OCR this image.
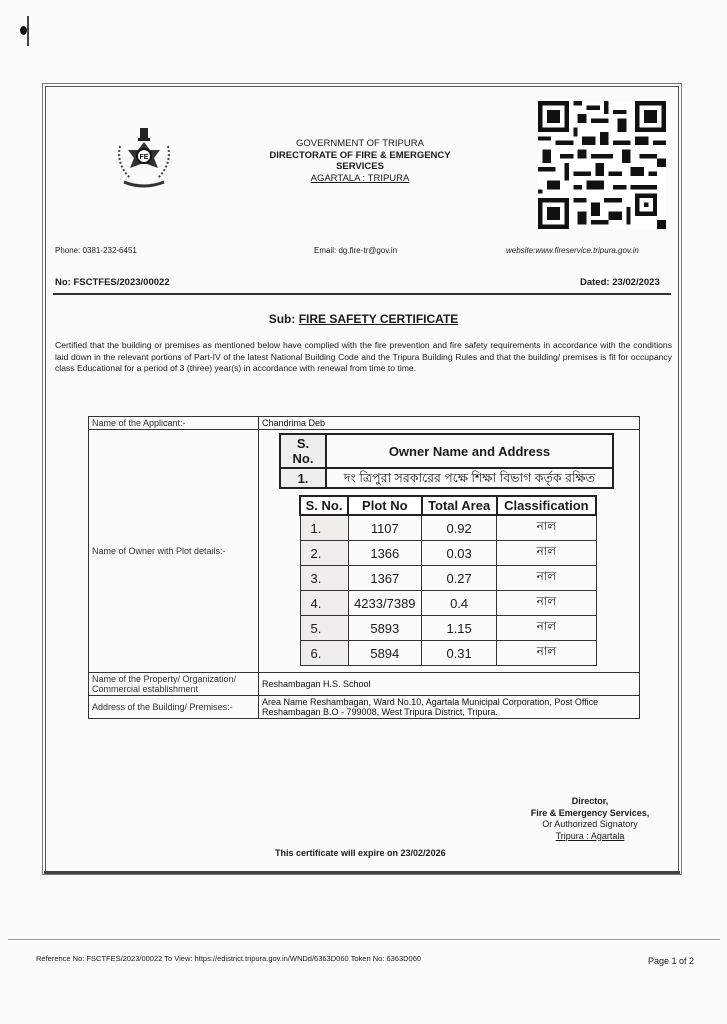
FE
GOVERNMENT OF TRIPURA
DIRECTORATE OF FIRE & EMERGENCY
SERVICES
AGARTALA : TRIPURA
Phone: 0381-232-6451	Email: dg.fire-tr@gov.in	website:www.fireservice.tripura.gov.in
No: FSCTFES/2023/00022	Dated: 23/02/2023
Sub: FIRE SAFETY CERTIFICATE
Certified that the building or premises as mentioned below have complied with the fire prevention and fire safety requirements in accordance with the conditions laid down in the relevant portions of Part-IV of the latest National Building Code and the Tripura Building Rules and that the building/ premises is fit for occupancy class Educational for a period of 3 (three) year(s) in accordance with renewal from time to time.
Name of the Applicant:-	Chandrima Deb
Name of Owner with Plot details:-	
S. No.	Owner Name and Address
1.	দং ত্রিপুরা সরকারের পক্ষে শিক্ষা বিভাগ কর্তৃক রক্ষিত
S. No.	Plot No	Total Area	Classification
1.	1107	0.92	নাল
2.	1366	0.03	নাল
3.	1367	0.27	নাল
4.	4233/7389	0.4	নাল
5.	5893	1.15	নাল
6.	5894	0.31	নাল

Name of the Property/ Organization/ Commercial establishment	Reshambagan H.S. School
Address of the Building/ Premises:-	Area Name Reshambagan, Ward No.10, Agartala Municipal Corporation, Post Office Reshambagan B.O - 799008, West Tripura District, Tripura.
Director,
Fire & Emergency Services,
Or Authorized Signatory
Tripura : Agartala
This certificate will expire on 23/02/2026
Reference No: FSCTFES/2023/00022 To View: https://edistrict.tripura.gov.in/WNDd/6363D060 Token No: 6363D060	Page 1 of 2
